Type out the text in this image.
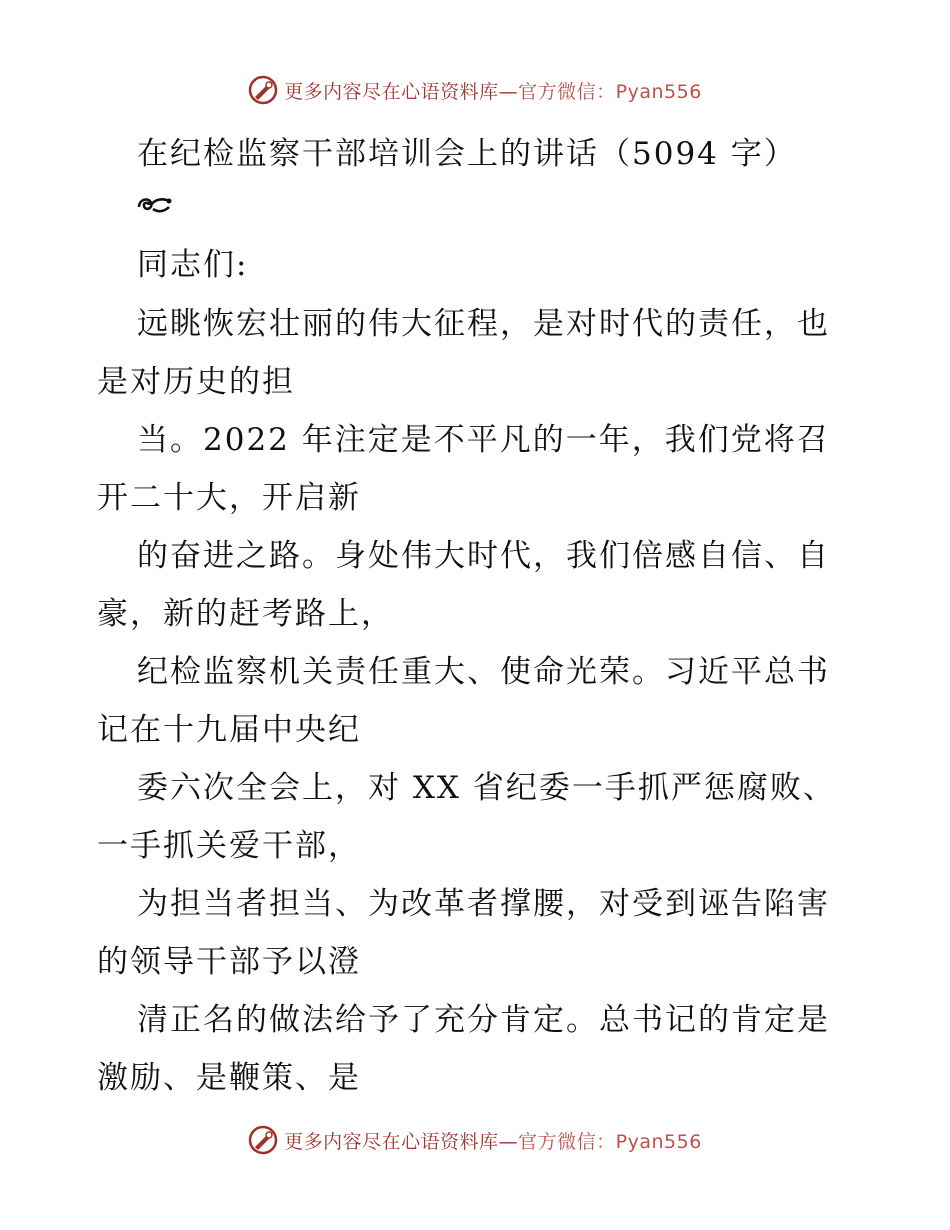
更多内容尽在心语资料库—官方微信：Pyan556
在纪检监察干部培训会上的讲话（5094 字）
同志们:
远眺恢宏壮丽的伟大征程，是对时代的责任，也
是对历史的担
当。2022 年注定是不平凡的一年，我们党将召
开二十大，开启新
的奋进之路。身处伟大时代，我们倍感自信、自
豪，新的赶考路上，
纪检监察机关责任重大、使命光荣。习近平总书
记在十九届中央纪
委六次全会上，对 XX 省纪委一手抓严惩腐败、
一手抓关爱干部，
为担当者担当、为改革者撑腰，对受到诬告陷害
的领导干部予以澄
清正名的做法给予了充分肯定。总书记的肯定是
激励、是鞭策、是
更多内容尽在心语资料库—官方微信：Pyan556
